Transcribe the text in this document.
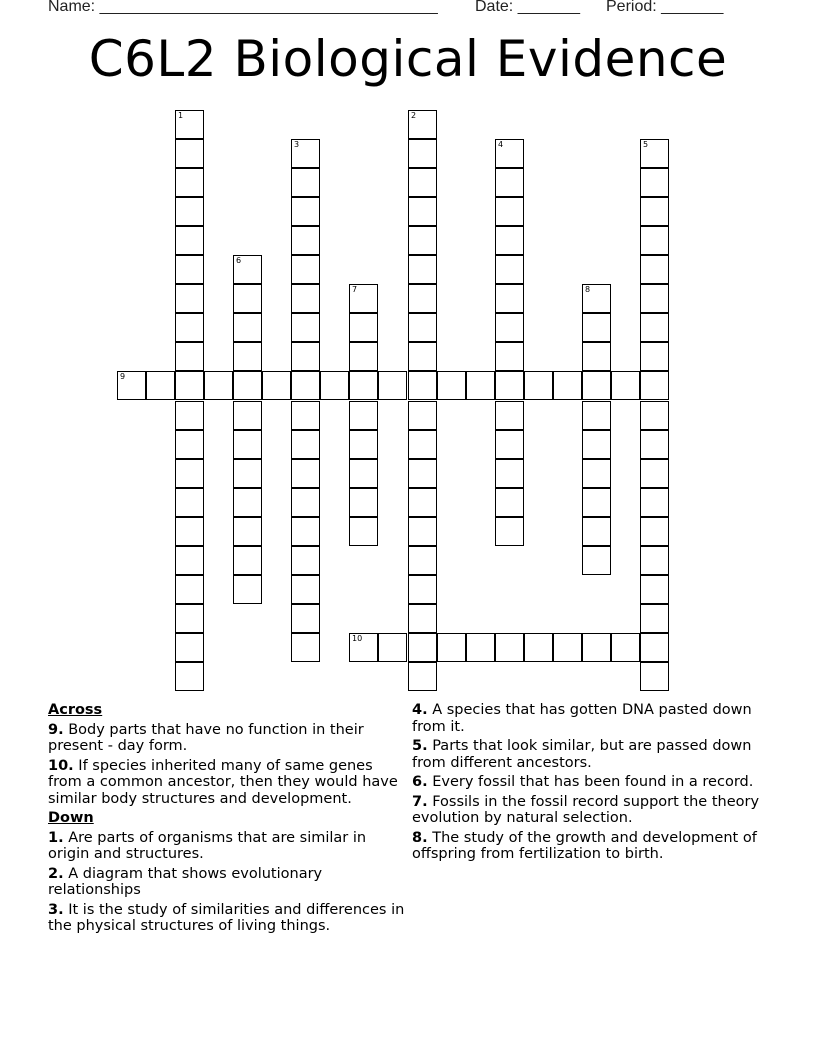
Name: ______________________________________ Date: _______ Period: _______
C6L2 Biological Evidence
1	2
3	4	5
6
7	8
9
10
Across
9. Body parts that have no function in their present - day form.
10. If species inherited many of same genes from a common ancestor, then they would have similar body structures and development.
Down
1. Are parts of organisms that are similar in origin and structures.
2. A diagram that shows evolutionary relationships
3. It is the study of similarities and differences in the physical structures of living things.
4. A species that has gotten DNA pasted down from it.
5. Parts that look similar, but are passed down from different ancestors.
6. Every fossil that has been found in a record.
7. Fossils in the fossil record support the theory evolution by natural selection.
8. The study of the growth and development of offspring from fertilization to birth.
